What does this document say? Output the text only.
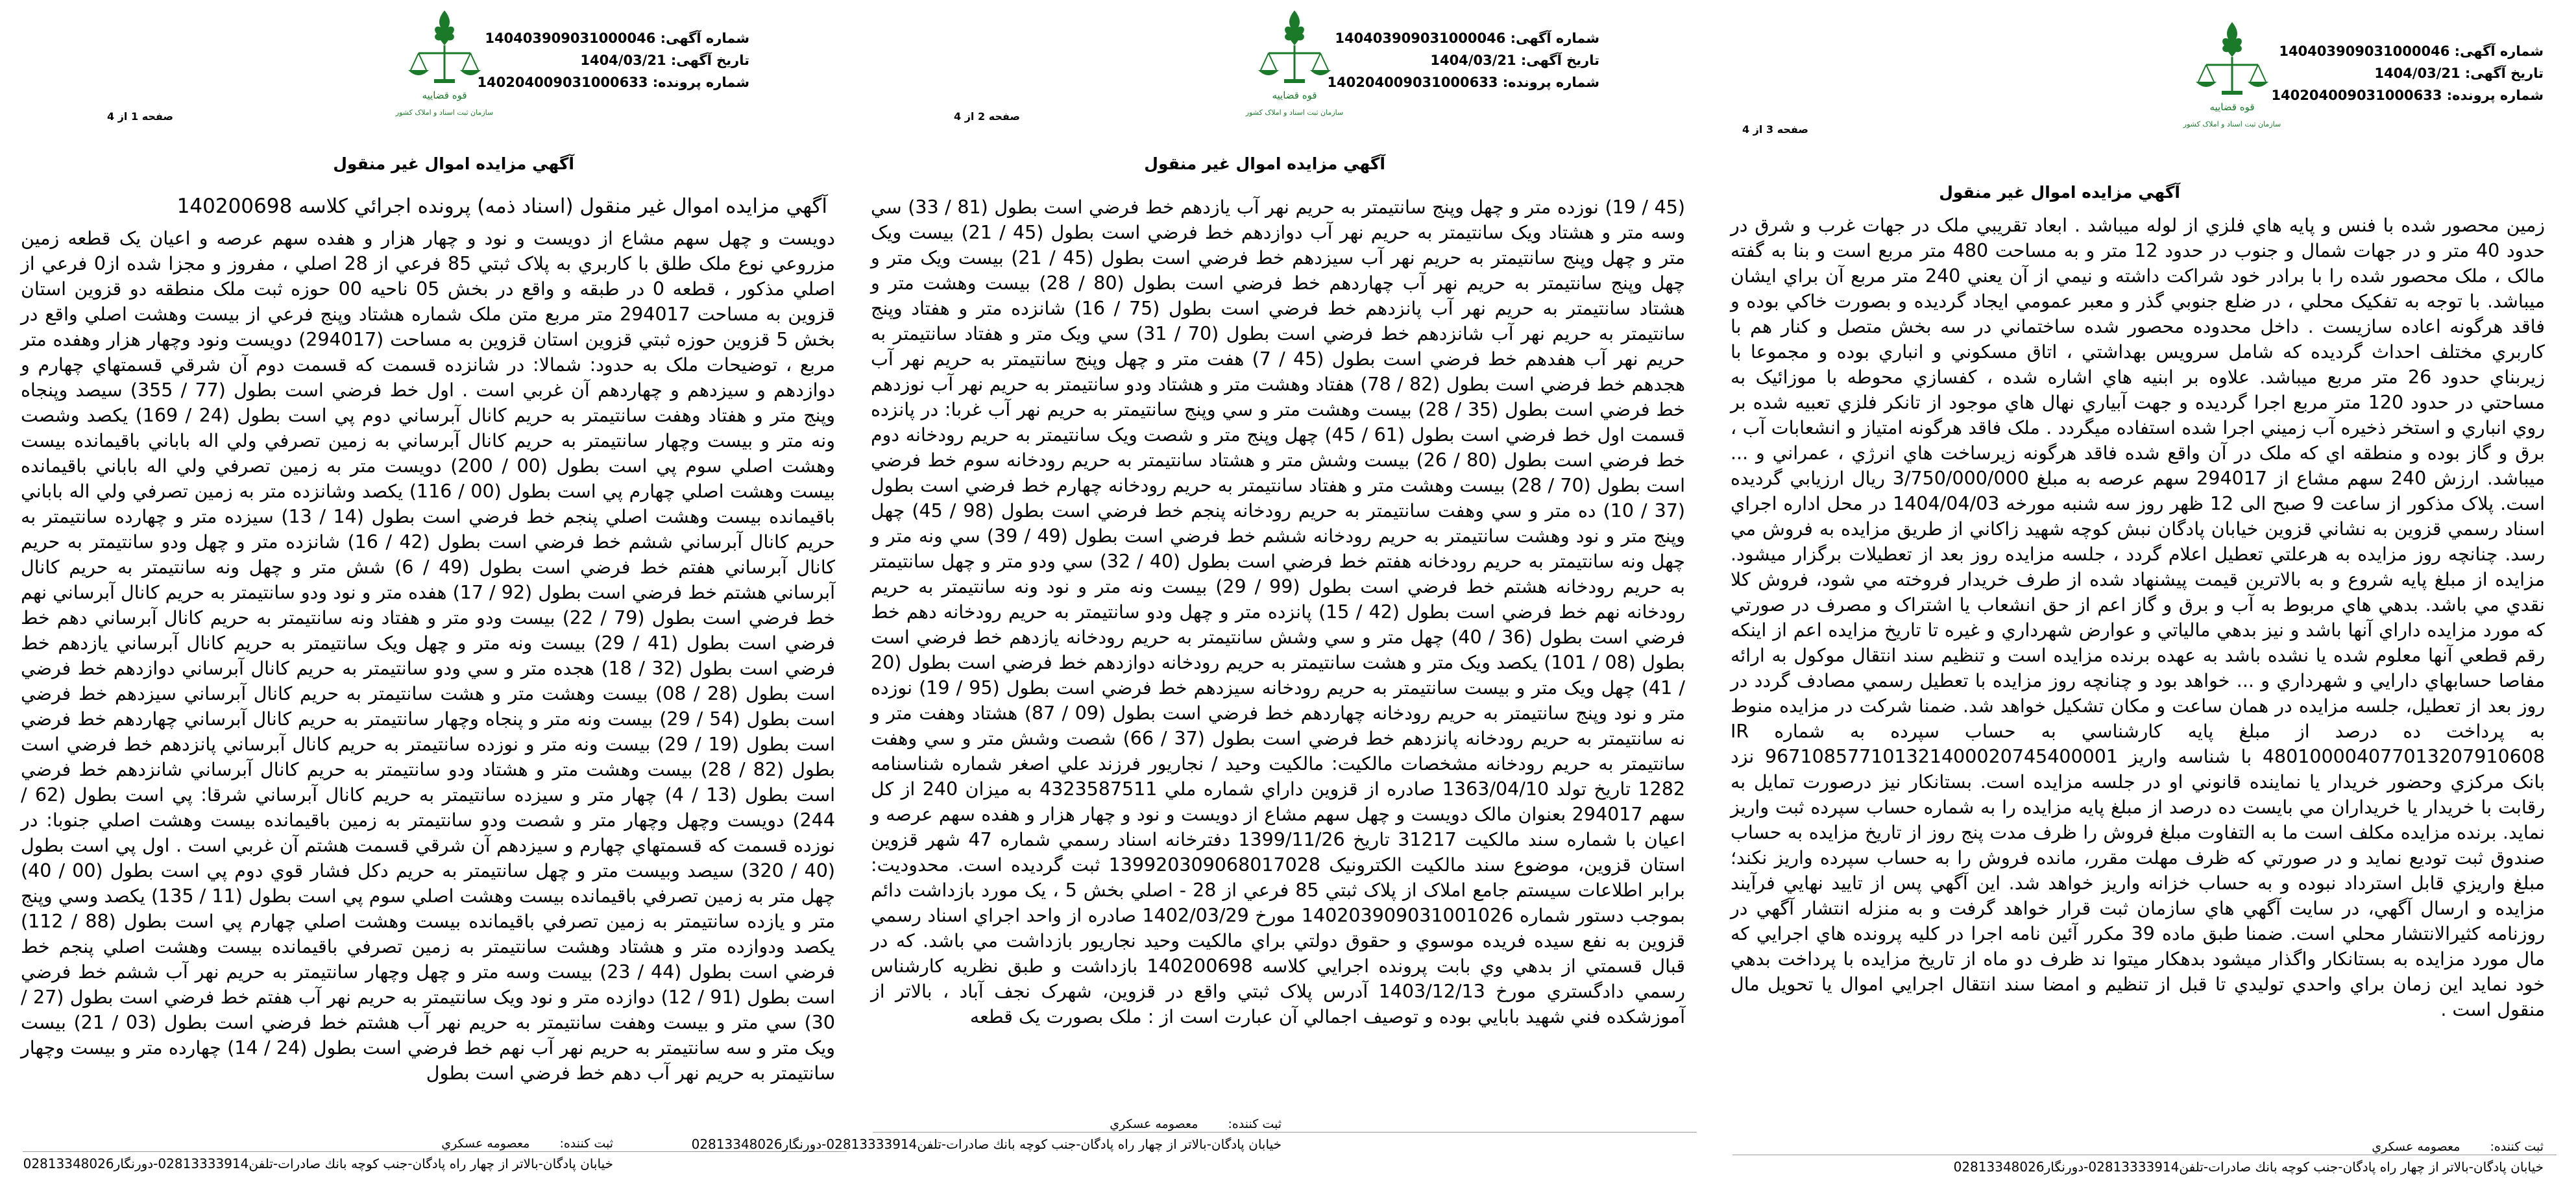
شماره آگهی: 140403909031000046
تاریخ آگهی: 1404/03/21
شماره پرونده: 140204009031000633
قوه قضاییه
سازمان ثبت اسناد و املاک کشور
صفحه 1 از 4
آگهي مزايده اموال غير منقول
آگهي مزايده اموال غير منقول (اسناد ذمه) پرونده اجرائي كلاسه 140200698
دويست و چهل سهم مشاع از دويست و نود و چهار هزار و هفده سهم عرصه و اعيان يک قطعه زمين مزروعي نوع ملک طلق با کاربري به پلاک ثبتي 85 فرعي از 28 اصلي ، مفروز و مجزا شده از0 فرعي از اصلي مذکور ، قطعه 0 در طبقه و واقع در بخش 05 ناحيه 00 حوزه ثبت ملک منطقه دو قزوين استان قزوين به مساحت 294017 متر مربع متن ملک شماره هشتاد وپنج فرعي از بيست وهشت اصلي واقع در بخش 5 قزوين حوزه ثبتي قزوين استان قزوين به مساحت (294017) دويست ونود وچهار هزار وهفده متر مربع ، توضيحات ملک به حدود: شمالا: در شانزده قسمت که قسمت دوم آن شرقي قسمتهاي چهارم و دوازدهم و سيزدهم و چهاردهم آن غربي است . اول خط فرضي است بطول (77 / 355) سيصد وپنجاه وپنج متر و هفتاد وهفت سانتيمتر به حريم کانال آبرساني دوم پي است بطول (24 / 169) يکصد وشصت ونه متر و بيست وچهار سانتيمتر به حريم کانال آبرساني به زمين تصرفي ولي اله باباني باقيمانده بيست وهشت اصلي سوم پي است بطول (00 / 200) دويست متر به زمين تصرفي ولي اله باباني باقيمانده بيست وهشت اصلي چهارم پي است بطول (00 / 116) يکصد وشانزده متر به زمين تصرفي ولي اله باباني باقيمانده بيست وهشت اصلي پنجم خط فرضي است بطول (14 / 13) سيزده متر و چهارده سانتيمتر به حريم کانال آبرساني ششم خط فرضي است بطول (42 / 16) شانزده متر و چهل ودو سانتيمتر به حريم کانال آبرساني هفتم خط فرضي است بطول (49 / 6) شش متر و چهل ونه سانتيمتر به حريم کانال آبرساني هشتم خط فرضي است بطول (92 / 17) هفده متر و نود ودو سانتيمتر به حريم کانال آبرساني نهم خط فرضي است بطول (79 / 22) بيست ودو متر و هفتاد ونه سانتيمتر به حريم کانال آبرساني دهم خط فرضي است بطول (41 / 29) بيست ونه متر و چهل ويک سانتيمتر به حريم کانال آبرساني يازدهم خط فرضي است بطول (32 / 18) هجده متر و سي ودو سانتيمتر به حريم کانال آبرساني دوازدهم خط فرضي است بطول (28 / 08) بيست وهشت متر و هشت سانتيمتر به حريم کانال آبرساني سيزدهم خط فرضي است بطول (54 / 29) بيست ونه متر و پنجاه وچهار سانتيمتر به حريم کانال آبرساني چهاردهم خط فرضي است بطول (19 / 29) بيست ونه متر و نوزده سانتيمتر به حريم کانال آبرساني پانزدهم خط فرضي است بطول (82 / 28) بيست وهشت متر و هشتاد ودو سانتيمتر به حريم کانال آبرساني شانزدهم خط فرضي است بطول (13 / 4) چهار متر و سيزده سانتيمتر به حريم کانال آبرساني شرقا: پي است بطول (62 / 244) دويست وچهل وچهار متر و شصت ودو سانتيمتر به زمين باقيمانده بيست وهشت اصلي جنوبا: در نوزده قسمت که قسمتهاي چهارم و سيزدهم آن شرقي قسمت هشتم آن غربي است . اول پي است بطول (40 / 320) سيصد وبيست متر و چهل سانتيمتر به حريم دکل فشار قوي دوم پي است بطول (00 / 40) چهل متر به زمين تصرفي باقيمانده بيست وهشت اصلي سوم پي است بطول (11 / 135) يکصد وسي وپنج متر و يازده سانتيمتر به زمين تصرفي باقيمانده بيست وهشت اصلي چهارم پي است بطول (88 / 112) يکصد ودوازده متر و هشتاد وهشت سانتيمتر به زمين تصرفي باقيمانده بيست وهشت اصلي پنجم خط فرضي است بطول (44 / 23) بيست وسه متر و چهل وچهار سانتيمتر به حريم نهر آب ششم خط فرضي است بطول (91 / 12) دوازده متر و نود ويک سانتيمتر به حريم نهر آب هفتم خط فرضي است بطول (27 / 30) سي متر و بيست وهفت سانتيمتر به حريم نهر آب هشتم خط فرضي است بطول (03 / 21) بيست ويک متر و سه سانتيمتر به حريم نهر آب نهم خط فرضي است بطول (24 / 14) چهارده متر و بيست وچهار سانتيمتر به حريم نهر آب دهم خط فرضي است بطول
ثبت كننده: معصومه عسكري
خيابان پادگان-بالاتر از چهار راه پادگان-جنب كوچه بانك صادرات-تلفن02813333914-دورنگار02813348026
شماره آگهی: 140403909031000046
تاریخ آگهی: 1404/03/21
شماره پرونده: 140204009031000633
قوه قضاییه
سازمان ثبت اسناد و املاک کشور
صفحه 2 از 4
آگهي مزايده اموال غير منقول
(45 / 19) نوزده متر و چهل وپنج سانتيمتر به حريم نهر آب يازدهم خط فرضي است بطول (81 / 33) سي وسه متر و هشتاد ويک سانتيمتر به حريم نهر آب دوازدهم خط فرضي است بطول (45 / 21) بيست ويک متر و چهل وپنج سانتيمتر به حريم نهر آب سيزدهم خط فرضي است بطول (45 / 21) بيست ويک متر و چهل وپنج سانتيمتر به حريم نهر آب چهاردهم خط فرضي است بطول (80 / 28) بيست وهشت متر و هشتاد سانتيمتر به حريم نهر آب پانزدهم خط فرضي است بطول (75 / 16) شانزده متر و هفتاد وپنج سانتيمتر به حريم نهر آب شانزدهم خط فرضي است بطول (70 / 31) سي ويک متر و هفتاد سانتيمتر به حريم نهر آب هفدهم خط فرضي است بطول (45 / 7) هفت متر و چهل وپنج سانتيمتر به حريم نهر آب هجدهم خط فرضي است بطول (82 / 78) هفتاد وهشت متر و هشتاد ودو سانتيمتر به حريم نهر آب نوزدهم خط فرضي است بطول (35 / 28) بيست وهشت متر و سي وپنج سانتيمتر به حريم نهر آب غربا: در پانزده قسمت اول خط فرضي است بطول (61 / 45) چهل وپنج متر و شصت ويک سانتيمتر به حريم رودخانه دوم خط فرضي است بطول (80 / 26) بيست وشش متر و هشتاد سانتيمتر به حريم رودخانه سوم خط فرضي است بطول (70 / 28) بيست وهشت متر و هفتاد سانتيمتر به حريم رودخانه چهارم خط فرضي است بطول (37 / 10) ده متر و سي وهفت سانتيمتر به حريم رودخانه پنجم خط فرضي است بطول (98 / 45) چهل وپنج متر و نود وهشت سانتيمتر به حريم رودخانه ششم خط فرضي است بطول (49 / 39) سي ونه متر و چهل ونه سانتيمتر به حريم رودخانه هفتم خط فرضي است بطول (40 / 32) سي ودو متر و چهل سانتيمتر به حريم رودخانه هشتم خط فرضي است بطول (99 / 29) بيست ونه متر و نود ونه سانتيمتر به حريم رودخانه نهم خط فرضي است بطول (42 / 15) پانزده متر و چهل ودو سانتيمتر به حريم رودخانه دهم خط فرضي است بطول (36 / 40) چهل متر و سي وشش سانتيمتر به حريم رودخانه يازدهم خط فرضي است بطول (08 / 101) يکصد ويک متر و هشت سانتيمتر به حريم رودخانه دوازدهم خط فرضي است بطول (20 / 41) چهل ويک متر و بيست سانتيمتر به حريم رودخانه سيزدهم خط فرضي است بطول (95 / 19) نوزده متر و نود وپنج سانتيمتر به حريم رودخانه چهاردهم خط فرضي است بطول (09 / 87) هشتاد وهفت متر و نه سانتيمتر به حريم رودخانه پانزدهم خط فرضي است بطول (37 / 66) شصت وشش متر و سي وهفت سانتيمتر به حريم رودخانه مشخصات مالکيت: مالکيت وحيد / نجاريور فرزند علي اصغر شماره شناسنامه 1282 تاريخ تولد 1363/04/10 صادره از قزوين داراي شماره ملي 4323587511 به ميزان 240 از کل سهم 294017 بعنوان مالک دويست و چهل سهم مشاع از دويست و نود و چهار هزار و هفده سهم عرصه و اعيان با شماره سند مالکيت 31217 تاريخ 1399/11/26 دفترخانه اسناد رسمي شماره 47 شهر قزوين استان قزوين، موضوع سند مالکيت الکترونيک 139920309068017028 ثبت گرديده است. محدوديت: برابر اطلاعات سيستم جامع املاک از پلاک ثبتي 85 فرعي از 28 - اصلي بخش 5 ، يک مورد بازداشت دائم بموجب دستور شماره 140203909031001026 مورخ 1402/03/29 صادره از واحد اجراي اسناد رسمي قزوين به نفع سيده فريده موسوي و حقوق دولتي براي مالکيت وحيد نجاريور بازداشت مي باشد. که در قبال قسمتي از بدهي وي بابت پرونده اجرايي کلاسه 140200698 بازداشت و طبق نظريه کارشناس رسمي دادگستري مورخ 1403/12/13 آدرس پلاک ثبتي واقع در قزوين، شهرک نجف آباد ، بالاتر از آموزشکده فني شهيد بابايي بوده و توصيف اجمالي آن عبارت است از : ملک بصورت يک قطعه
ثبت كننده: معصومه عسكري
خيابان پادگان-بالاتر از چهار راه پادگان-جنب كوچه بانك صادرات-تلفن02813333914-دورنگار02813348026
شماره آگهی: 140403909031000046
تاریخ آگهی: 1404/03/21
شماره پرونده: 140204009031000633
قوه قضاییه
سازمان ثبت اسناد و املاک کشور
صفحه 3 از 4
آگهي مزايده اموال غير منقول
زمين محصور شده با فنس و پايه هاي فلزي از لوله ميباشد . ابعاد تقريبي ملک در جهات غرب و شرق در حدود 40 متر و در جهات شمال و جنوب در حدود 12 متر و به مساحت 480 متر مربع است و بنا به گفته مالک ، ملک محصور شده را با برادر خود شراکت داشته و نيمي از آن يعني 240 متر مربع آن براي ايشان ميباشد. با توجه به تفکيک محلي ، در ضلع جنوبي گذر و معبر عمومي ايجاد گرديده و بصورت خاکي بوده و فاقد هرگونه اعاده سازيست . داخل محدوده محصور شده ساختماني در سه بخش متصل و کنار هم با کاربري مختلف احداث گرديده که شامل سرويس بهداشتي ، اتاق مسکوني و انباري بوده و مجموعا با زيربناي حدود 26 متر مربع ميباشد. علاوه بر ابنيه هاي اشاره شده ، کفسازي محوطه با موزائيک به مساحتي در حدود 120 متر مربع اجرا گرديده و جهت آبياري نهال هاي موجود از تانکر فلزي تعبيه شده بر روي انباري و استخر ذخيره آب زميني اجرا شده استفاده ميگردد . ملک فاقد هرگونه امتياز و انشعابات آب ، برق و گاز بوده و منطقه اي که ملک در آن واقع شده فاقد هرگونه زيرساخت هاي انرژي ، عمراني و ... ميباشد. ارزش 240 سهم مشاع از 294017 سهم عرصه به مبلغ 3/750/000/000 ريال ارزيابي گرديده است. پلاک مذکور از ساعت 9 صبح الی 12 ظهر روز سه شنبه مورخه 1404/04/03 در محل اداره اجراي اسناد رسمي قزوين به نشاني قزوين خيابان پادگان نبش کوچه شهيد زاکاني از طريق مزايده به فروش مي رسد. چنانچه روز مزايده به هرعلتي تعطيل اعلام گردد ، جلسه مزايده روز بعد از تعطيلات برگزار ميشود. مزايده از مبلغ پايه شروع و به بالاترين قيمت پيشنهاد شده از طرف خريدار فروخته مي شود، فروش کلا نقدي مي باشد. بدهي هاي مربوط به آب و برق و گاز اعم از حق انشعاب يا اشتراک و مصرف در صورتي که مورد مزايده داراي آنها باشد و نيز بدهي مالياتي و عوارض شهرداري و غيره تا تاريخ مزايده اعم از اينکه رقم قطعي آنها معلوم شده يا نشده باشد به عهده برنده مزايده است و تنظيم سند انتقال موکول به ارائه مفاصا حسابهاي دارايي و شهرداري و ... خواهد بود و چنانچه روز مزايده با تعطيل رسمي مصادف گردد در روز بعد از تعطيل، جلسه مزايده در همان ساعت و مکان تشکيل خواهد شد. ضمنا شرکت در مزايده منوط به پرداخت ده درصد از مبلغ پايه کارشناسي به حساب سپرده به شماره IR 480100004077013207910608 با شناسه واريز 967108577101321400020745400001 نزد بانک مرکزي وحضور خريدار يا نماينده قانوني او در جلسه مزايده است. بستانکار نيز درصورت تمايل به رقابت با خريدار يا خريداران مي بايست ده درصد از مبلغ پايه مزايده را به شماره حساب سپرده ثبت واريز نمايد. برنده مزايده مکلف است ما به التفاوت مبلغ فروش را ظرف مدت پنج روز از تاريخ مزايده به حساب صندوق ثبت توديع نمايد و در صورتي که ظرف مهلت مقرر، مانده فروش را به حساب سپرده واريز نکند؛ مبلغ واريزي قابل استرداد نبوده و به حساب خزانه واريز خواهد شد. اين آگهي پس از تاييد نهايي فرآيند مزايده و ارسال آگهي، در سايت آگهي هاي سازمان ثبت قرار خواهد گرفت و به منزله انتشار آگهي در روزنامه کثيرالانتشار محلي است. ضمنا طبق ماده 39 مکرر آئين نامه اجرا در کليه پرونده هاي اجرايي که مال مورد مزايده به بستانکار واگذار ميشود بدهکار ميتوا ند ظرف دو ماه از تاريخ مزايده با پرداخت بدهي خود نمايد اين زمان براي واحدي توليدي تا قبل از تنظيم و امضا سند انتقال اجرايي اموال يا تحويل مال منقول است .
ثبت كننده: معصومه عسكري
خيابان پادگان-بالاتر از چهار راه پادگان-جنب كوچه بانك صادرات-تلفن02813333914-دورنگار02813348026
